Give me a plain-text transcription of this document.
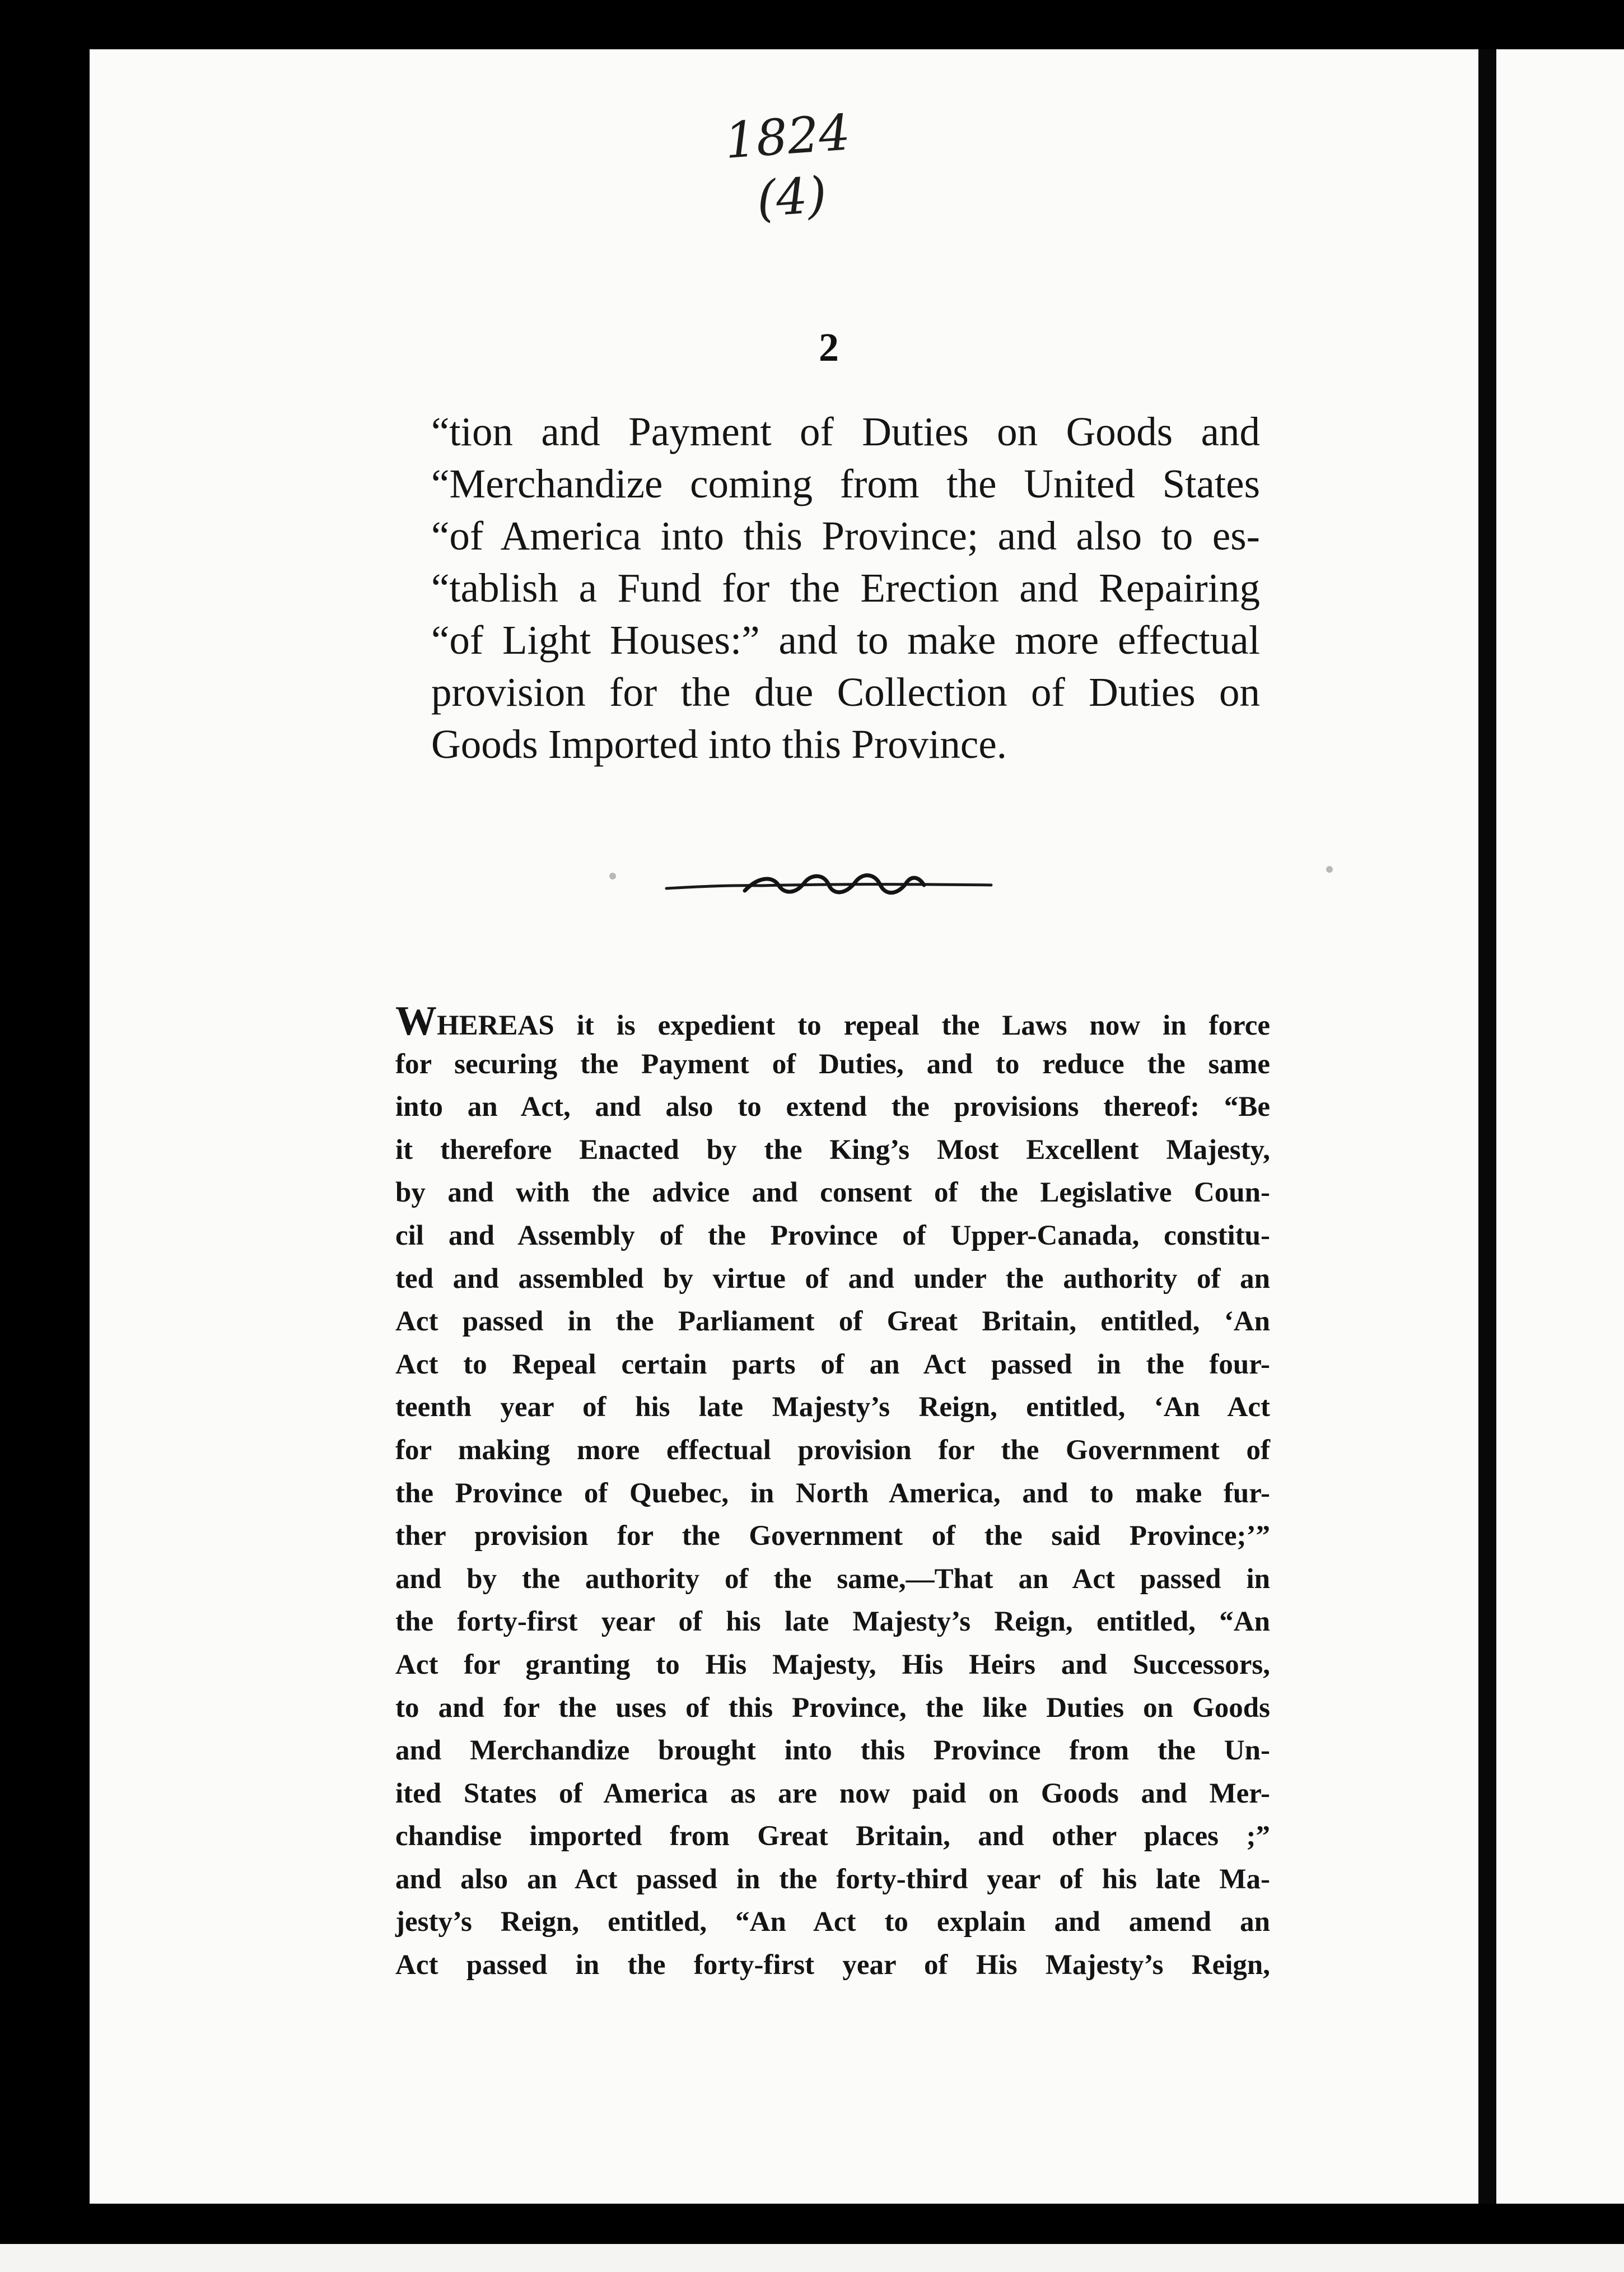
1824
(4)
2
“tion and Payment of Duties on Goods and
“Merchandize coming from the United States
“of America into this Province; and also to es-
“tablish a Fund for the Erection and Repairing
“of Light Houses:” and to make more effectual
provision for the due Collection of Duties on
Goods Imported into this Province.
WHEREAS it is expedient to repeal the Laws now in force
for securing the Payment of Duties, and to reduce the same
into an Act, and also to extend the provisions thereof: “Be
it therefore Enacted by the King’s Most Excellent Majesty,
by and with the advice and consent of the Legislative Coun-
cil and Assembly of the Province of Upper-Canada, constitu-
ted and assembled by virtue of and under the authority of an
Act passed in the Parliament of Great Britain, entitled, ‘An
Act to Repeal certain parts of an Act passed in the four-
teenth year of his late Majesty’s Reign, entitled, ‘An Act
for making more effectual provision for the Government of
the Province of Quebec, in North America, and to make fur-
ther provision for the Government of the said Province;’”
and by the authority of the same,—That an Act passed in
the forty-first year of his late Majesty’s Reign, entitled, “An
Act for granting to His Majesty, His Heirs and Successors,
to and for the uses of this Province, the like Duties on Goods
and Merchandize brought into this Province from the Un-
ited States of America as are now paid on Goods and Mer-
chandise imported from Great Britain, and other places ;”
and also an Act passed in the forty-third year of his late Ma-
jesty’s Reign, entitled, “An Act to explain and amend an
Act passed in the forty-first year of His Majesty’s Reign,
